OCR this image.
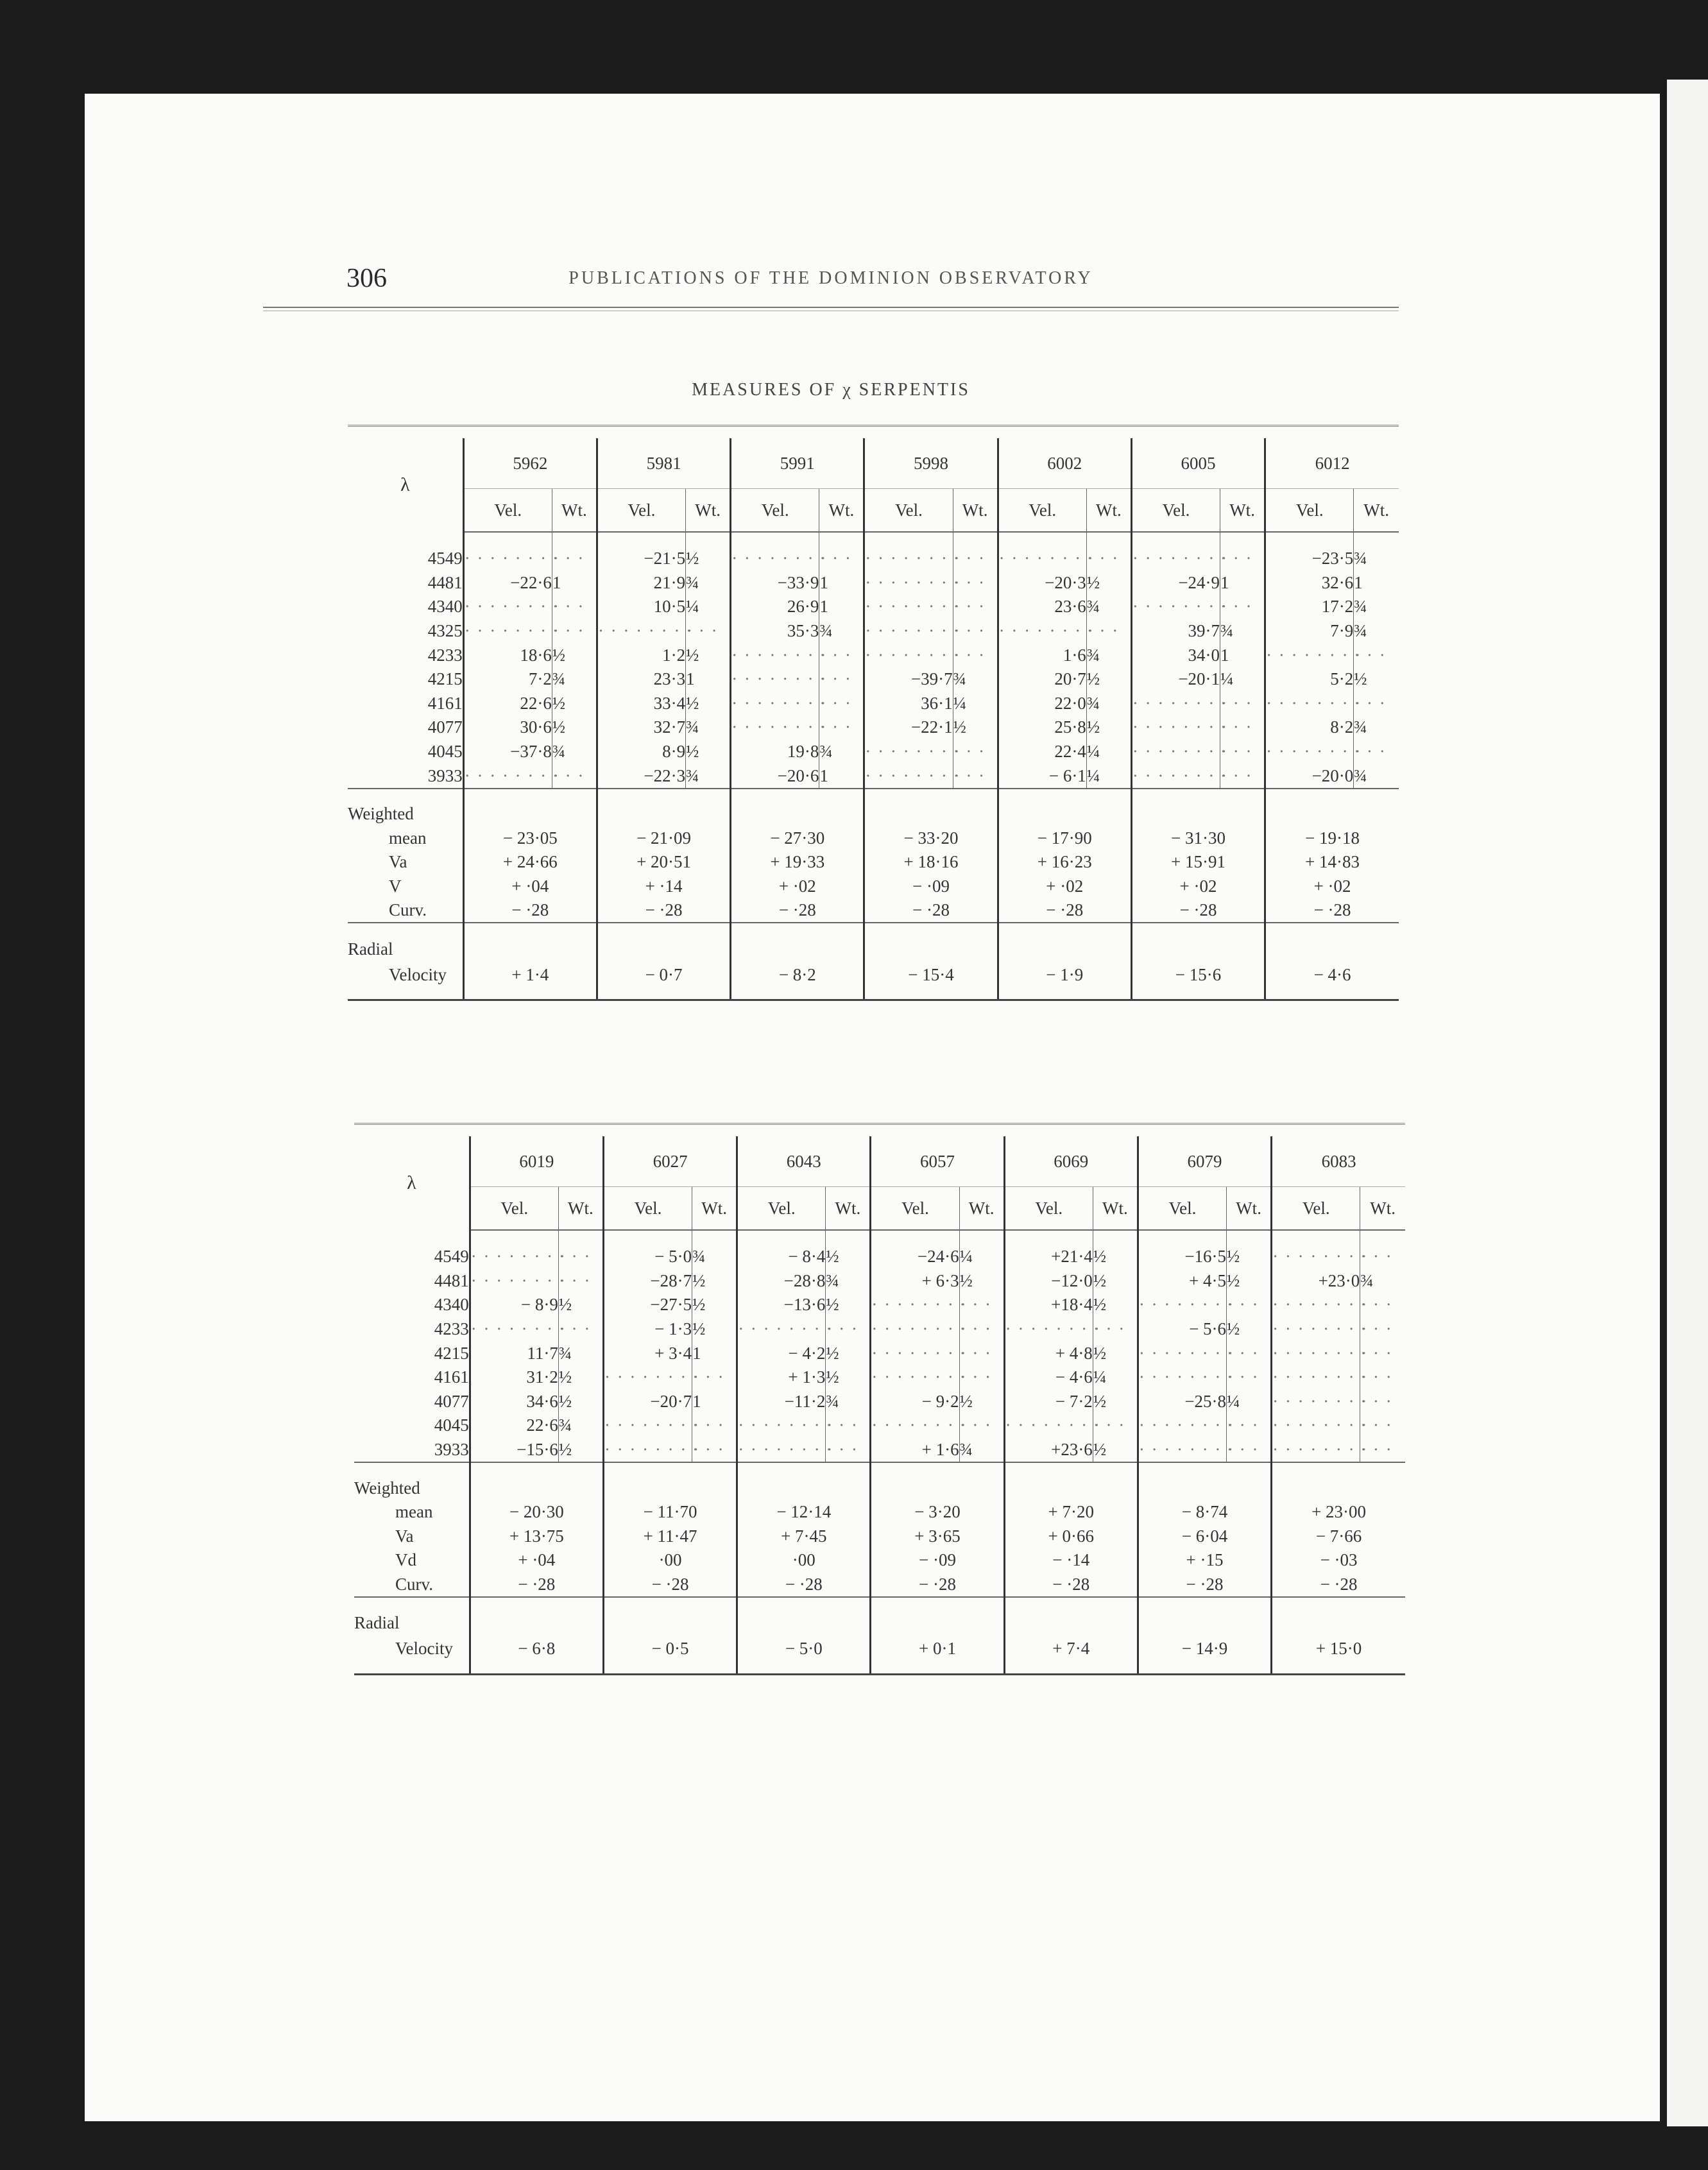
306	PUBLICATIONS OF THE DOMINION OBSERVATORY
MEASURES OF χ SERPENTIS

λ	5962		5981		5991		5998		6002		6005		6012	
	Vel.	Wt.	Vel.	Wt.	Vel.	Wt.	Vel.	Wt.	Vel.	Wt.	Vel.	Wt.	Vel.	Wt.

4549	· · · · · · · ·	· · ·	−21·5	½	· · · · · · · ·	· · ·	· · · · · · · ·	· · ·	· · · · · · · ·	· · ·	· · · · · · · ·	· · ·	−23·5	¾
4481	−22·6	1	21·9	¾	−33·9	1	· · · · · · · ·	· · ·	−20·3	½	−24·9	1	32·6	1
4340	· · · · · · · ·	· · ·	10·5	¼	26·9	1	· · · · · · · ·	· · ·	23·6	¾	· · · · · · · ·	· · ·	17·2	¾
4325	· · · · · · · ·	· · ·	· · · · · · · ·	· · ·	35·3	¾	· · · · · · · ·	· · ·	· · · · · · · ·	· · ·	39·7	¾	7·9	¾
4233	18·6	½	1·2	½	· · · · · · · ·	· · ·	· · · · · · · ·	· · ·	1·6	¾	34·0	1	· · · · · · · ·	· · ·
4215	7·2	¾	23·3	1	· · · · · · · ·	· · ·	−39·7	¾	20·7	½	−20·1	¼	5·2	½
4161	22·6	½	33·4	½	· · · · · · · ·	· · ·	36·1	¼	22·0	¾	· · · · · · · ·	· · ·	· · · · · · · ·	· · ·
4077	30·6	½	32·7	¾	· · · · · · · ·	· · ·	−22·1	½	25·8	½	· · · · · · · ·	· · ·	8·2	¾
4045	−37·8	¾	8·9	½	19·8	¾	· · · · · · · ·	· · ·	22·4	¼	· · · · · · · ·	· · ·	· · · · · · · ·	· · ·
3933	· · · · · · · ·	· · ·	−22·3	¾	−20·6	1	· · · · · · · ·	· · ·	− 6·1	¼	· · · · · · · ·	· · ·	−20·0	¾

Weighted														
mean	− 23·05		− 21·09		− 27·30		− 33·20		− 17·90		− 31·30		− 19·18	
Va	+ 24·66		+ 20·51		+ 19·33		+ 18·16		+ 16·23		+ 15·91		+ 14·83	
V	+ ·04		+ ·14		+ ·02		− ·09		+ ·02		+ ·02		+ ·02	
Curv.	− ·28		− ·28		− ·28		− ·28		− ·28		− ·28		− ·28	

Radial														
Velocity	+ 1·4		− 0·7		− 8·2		− 15·4		− 1·9		− 15·6		− 4·6	

λ	6019		6027		6043		6057		6069		6079		6083	
	Vel.	Wt.	Vel.	Wt.	Vel.	Wt.	Vel.	Wt.	Vel.	Wt.	Vel.	Wt.	Vel.	Wt.

4549	· · · · · · · ·	· · ·	− 5·0	¾	− 8·4	½	−24·6	¼	+21·4	½	−16·5	½	· · · · · · · ·	· · ·
4481	· · · · · · · ·	· · ·	−28·7	½	−28·8	¾	+ 6·3	½	−12·0	½	+ 4·5	½	+23·0	¾
4340	− 8·9	½	−27·5	½	−13·6	½	· · · · · · · ·	· · ·	+18·4	½	· · · · · · · ·	· · ·	· · · · · · · ·	· · ·
4233	· · · · · · · ·	· · ·	− 1·3	½	· · · · · · · ·	· · ·	· · · · · · · ·	· · ·	· · · · · · · ·	· · ·	− 5·6	½	· · · · · · · ·	· · ·
4215	11·7	¾	+ 3·4	1	− 4·2	½	· · · · · · · ·	· · ·	+ 4·8	½	· · · · · · · ·	· · ·	· · · · · · · ·	· · ·
4161	31·2	½	· · · · · · · ·	· · ·	+ 1·3	½	· · · · · · · ·	· · ·	− 4·6	¼	· · · · · · · ·	· · ·	· · · · · · · ·	· · ·
4077	34·6	½	−20·7	1	−11·2	¾	− 9·2	½	− 7·2	½	−25·8	¼	· · · · · · · ·	· · ·
4045	22·6	¾	· · · · · · · ·	· · ·	· · · · · · · ·	· · ·	· · · · · · · ·	· · ·	· · · · · · · ·	· · ·	· · · · · · · ·	· · ·	· · · · · · · ·	· · ·
3933	−15·6	½	· · · · · · · ·	· · ·	· · · · · · · ·	· · ·	+ 1·6	¾	+23·6	½	· · · · · · · ·	· · ·	· · · · · · · ·	· · ·

Weighted														
mean	− 20·30		− 11·70		− 12·14		− 3·20		+ 7·20		− 8·74		+ 23·00	
Va	+ 13·75		+ 11·47		+ 7·45		+ 3·65		+ 0·66		− 6·04		− 7·66	
Vd	+ ·04		·00		·00		− ·09		− ·14		+ ·15		− ·03	
Curv.	− ·28		− ·28		− ·28		− ·28		− ·28		− ·28		− ·28	

Radial														
Velocity	− 6·8		− 0·5		− 5·0		+ 0·1		+ 7·4		− 14·9		+ 15·0	
